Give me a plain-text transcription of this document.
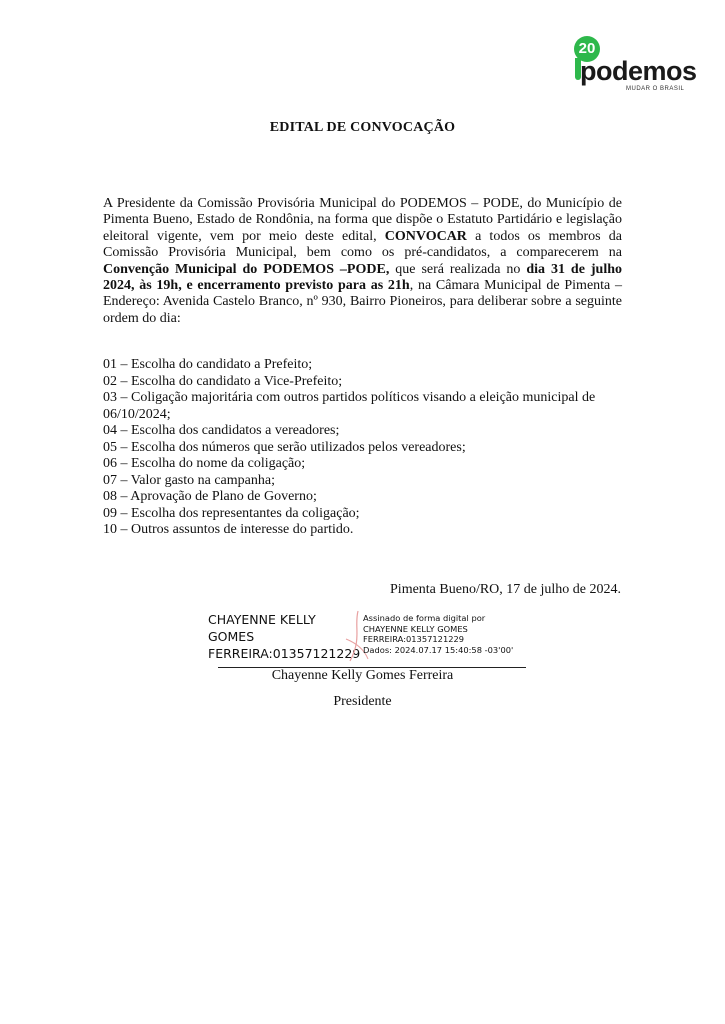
20
podemos
MUDAR O BRASIL
EDITAL DE CONVOCAÇÃO
A Presidente da Comissão Provisória Municipal do PODEMOS – PODE, do Município de Pimenta Bueno, Estado de Rondônia, na forma que dispõe o Estatuto Partidário e legislação eleitoral vigente, vem por meio deste edital, CONVOCAR a todos os membros da Comissão Provisória Municipal, bem como os pré-candidatos, a comparecerem na Convenção Municipal do PODEMOS –PODE, que será realizada no dia 31 de julho 2024, às 19h, e encerramento previsto para as 21h, na Câmara Municipal de Pimenta – Endereço: Avenida Castelo Branco, nº 930, Bairro Pioneiros, para deliberar sobre a seguinte ordem do dia:
01 – Escolha do candidato a Prefeito;
02 – Escolha do candidato a Vice-Prefeito;
03 – Coligação majoritária com outros partidos políticos visando a eleição municipal de 06/10/2024;
04 – Escolha dos candidatos a vereadores;
05 – Escolha dos números que serão utilizados pelos vereadores;
06 – Escolha do nome da coligação;
07 – Valor gasto na campanha;
08 – Aprovação de Plano de Governo;
09 – Escolha dos representantes da coligação;
10 – Outros assuntos de interesse do partido.
Pimenta Bueno/RO, 17 de julho de 2024.
CHAYENNE KELLY
GOMES
FERREIRA:01357121229
Assinado de forma digital por
CHAYENNE KELLY GOMES
FERREIRA:01357121229
Dados: 2024.07.17 15:40:58 -03'00'
Chayenne Kelly Gomes Ferreira
Presidente
